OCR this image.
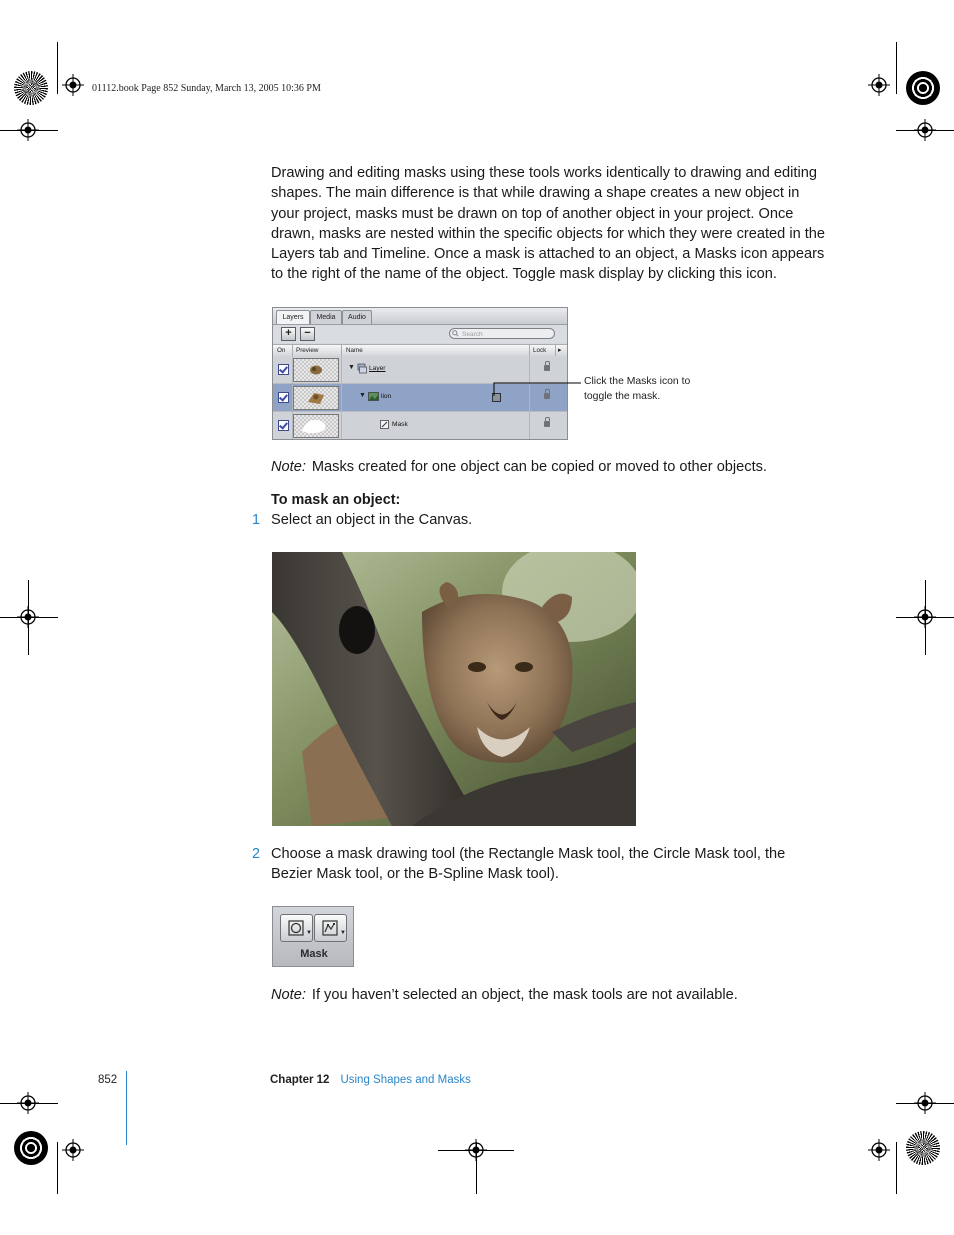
01112.book Page 852 Sunday, March 13, 2005 10:36 PM
Drawing and editing masks using these tools works identically to drawing and editing shapes. The main difference is that while drawing a shape creates a new object in your project, masks must be drawn on top of another object in your project. Once drawn, masks are nested within the specific objects for which they were created in the Layers tab and Timeline. Once a mask is attached to an object, a Masks icon appears to the right of the name of the object. Toggle mask display by clicking this icon.
Layers	Media	Audio
+	−	Search
On Preview	Name	Lock ▸
▼ Layer
▼ lion
Mask
Click the Masks icon to toggle the mask.
Note: Masks created for one object can be copied or moved to other objects.
To mask an object:
1 Select an object in the Canvas.
2 Choose a mask drawing tool (the Rectangle Mask tool, the Circle Mask tool, the Bezier Mask tool, or the B-Spline Mask tool).
▼	▼
Mask
Note: If you haven’t selected an object, the mask tools are not available.
852	Chapter 12 Using Shapes and Masks
